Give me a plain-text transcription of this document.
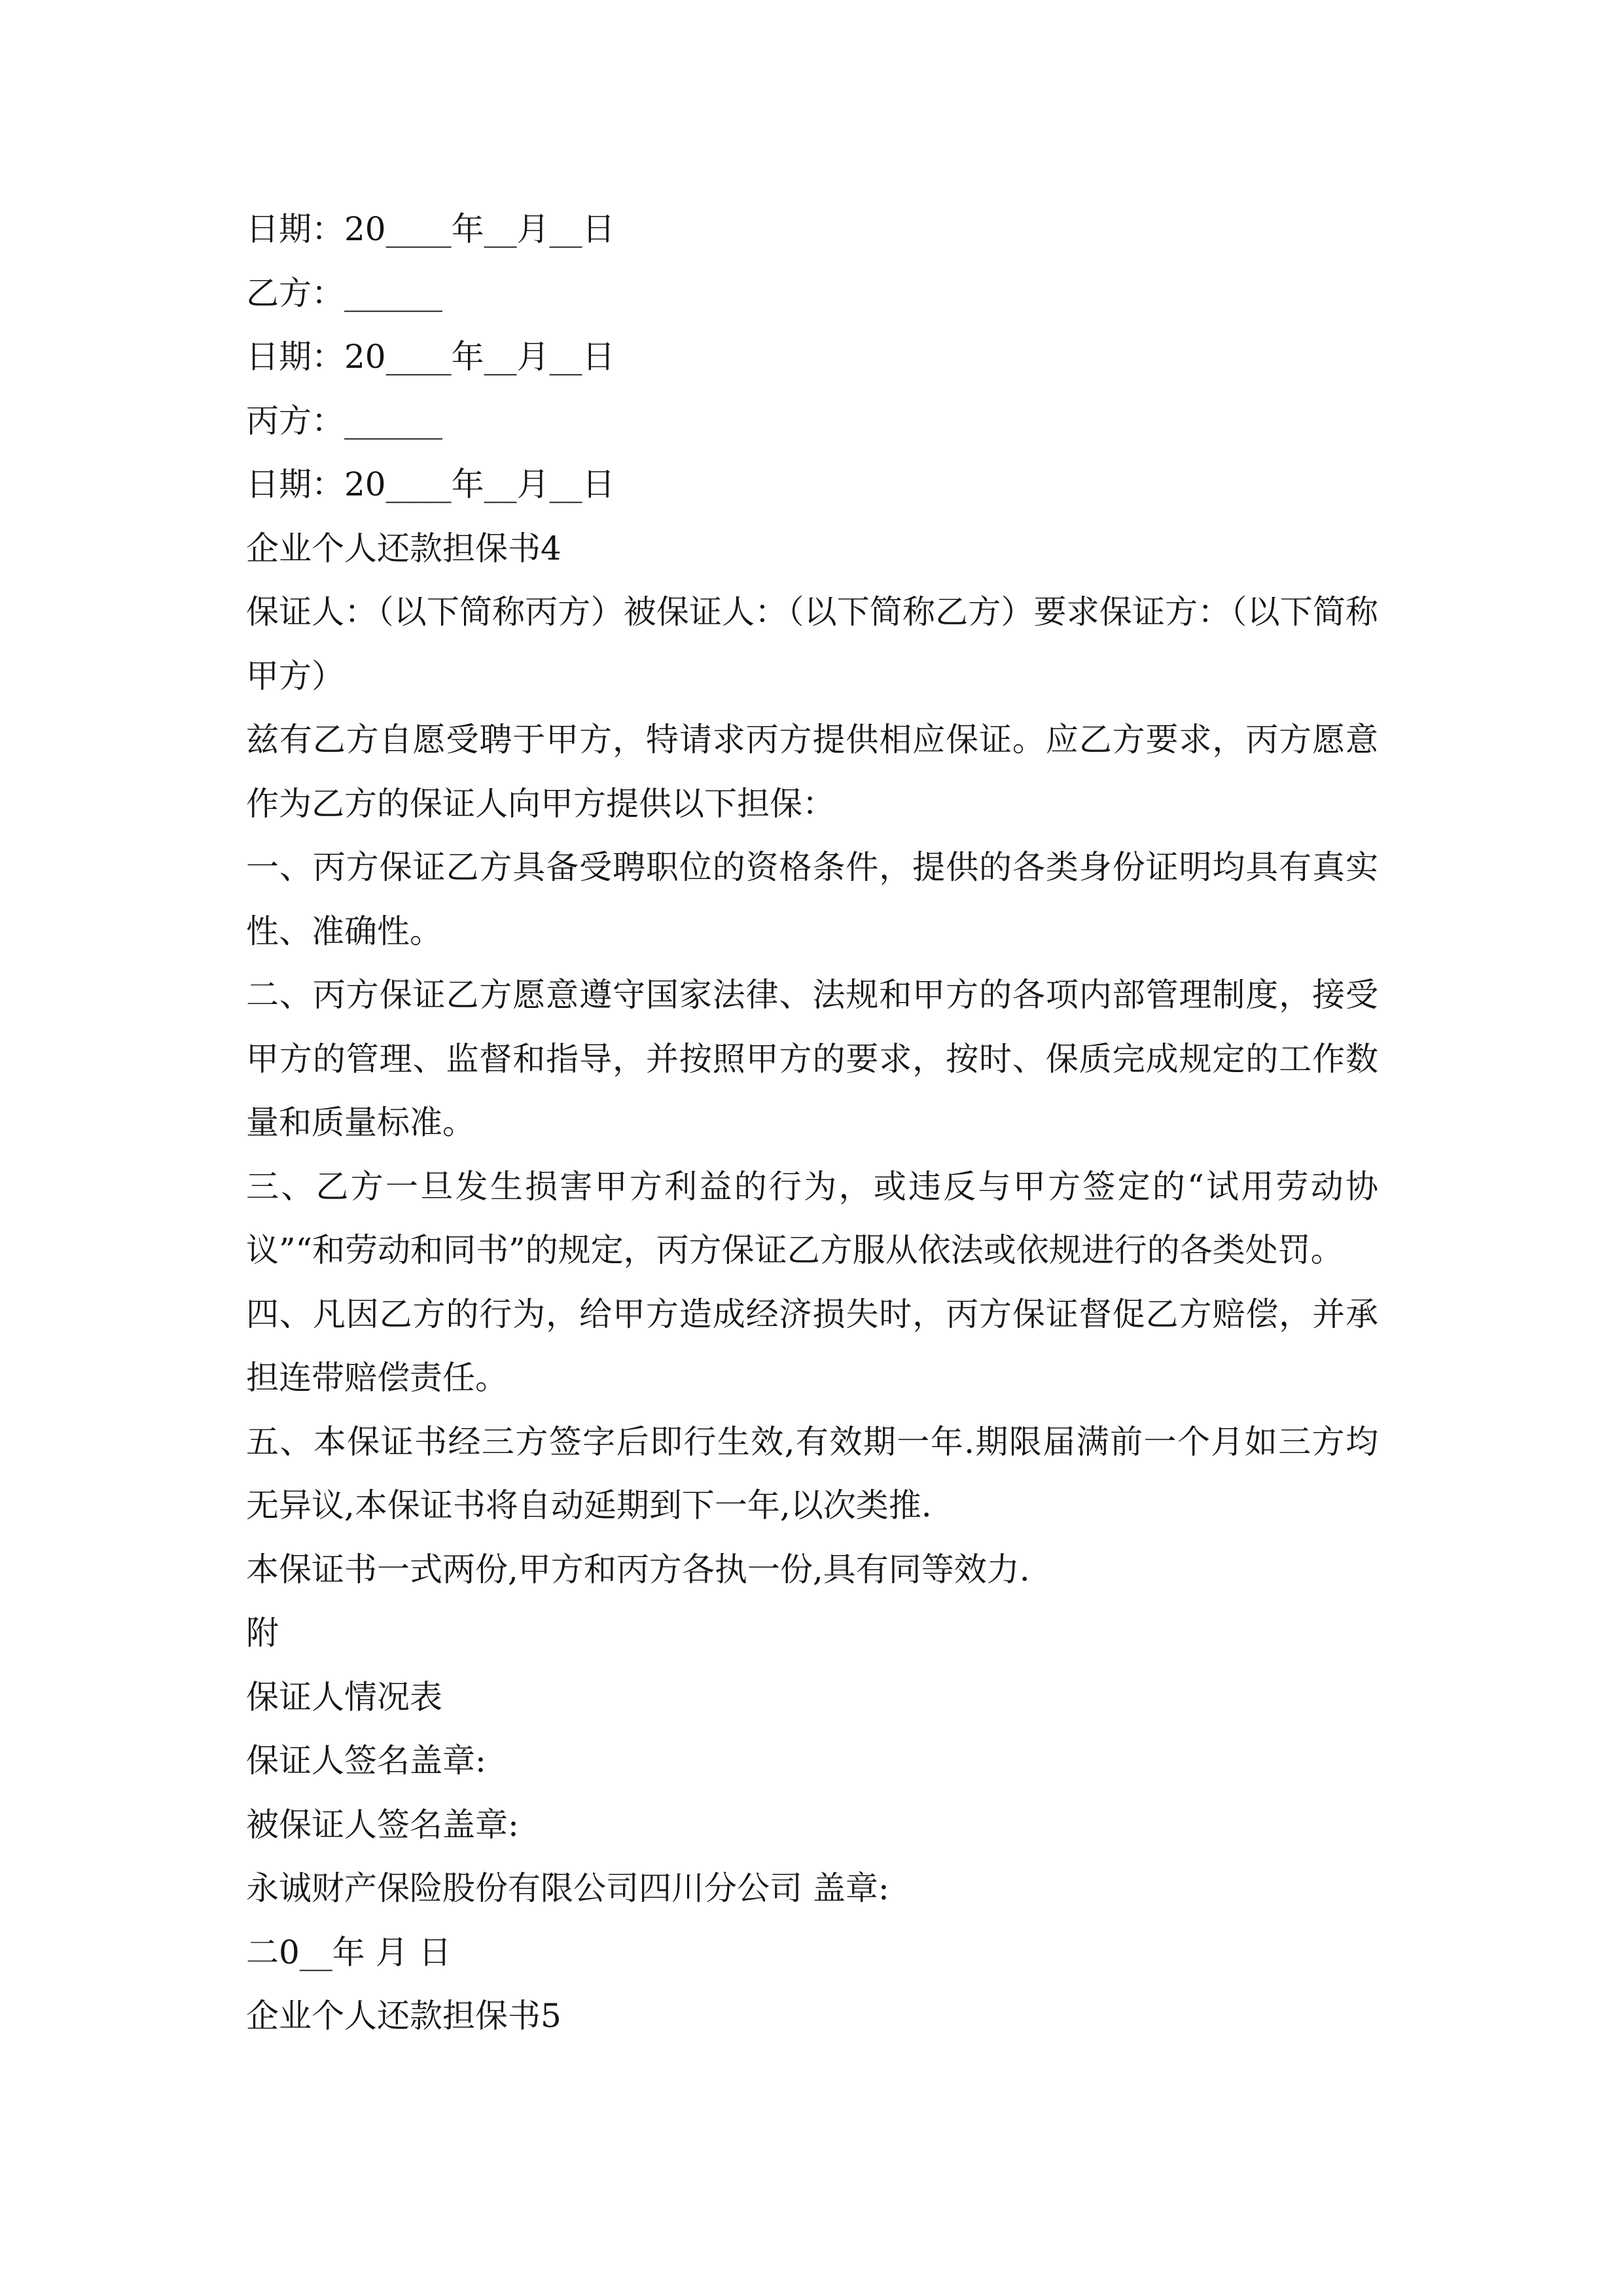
日期：20____年__月__日
乙方：______
日期：20____年__月__日
丙方：______
日期：20____年__月__日
企业个人还款担保书4
保证人：（以下简称丙方）被保证人：（以下简称乙方）要求保证方：（以下简称甲方）
兹有乙方自愿受聘于甲方，特请求丙方提供相应保证。应乙方要求，丙方愿意作为乙方的保证人向甲方提供以下担保：
一、丙方保证乙方具备受聘职位的资格条件，提供的各类身份证明均具有真实性、准确性。
二、丙方保证乙方愿意遵守国家法律、法规和甲方的各项内部管理制度，接受甲方的管理、监督和指导，并按照甲方的要求，按时、保质完成规定的工作数量和质量标准。
三、乙方一旦发生损害甲方利益的行为，或违反与甲方签定的“试用劳动协议”“和劳动和同书”的规定，丙方保证乙方服从依法或依规进行的各类处罚。
四、凡因乙方的行为，给甲方造成经济损失时，丙方保证督促乙方赔偿，并承担连带赔偿责任。
五、本保证书经三方签字后即行生效,有效期一年.期限届满前一个月如三方均无异议,本保证书将自动延期到下一年,以次类推.
本保证书一式两份,甲方和丙方各执一份,具有同等效力.
附
保证人情况表
保证人签名盖章:
被保证人签名盖章:
永诚财产保险股份有限公司四川分公司 盖章:
二0__年 月 日
企业个人还款担保书5
